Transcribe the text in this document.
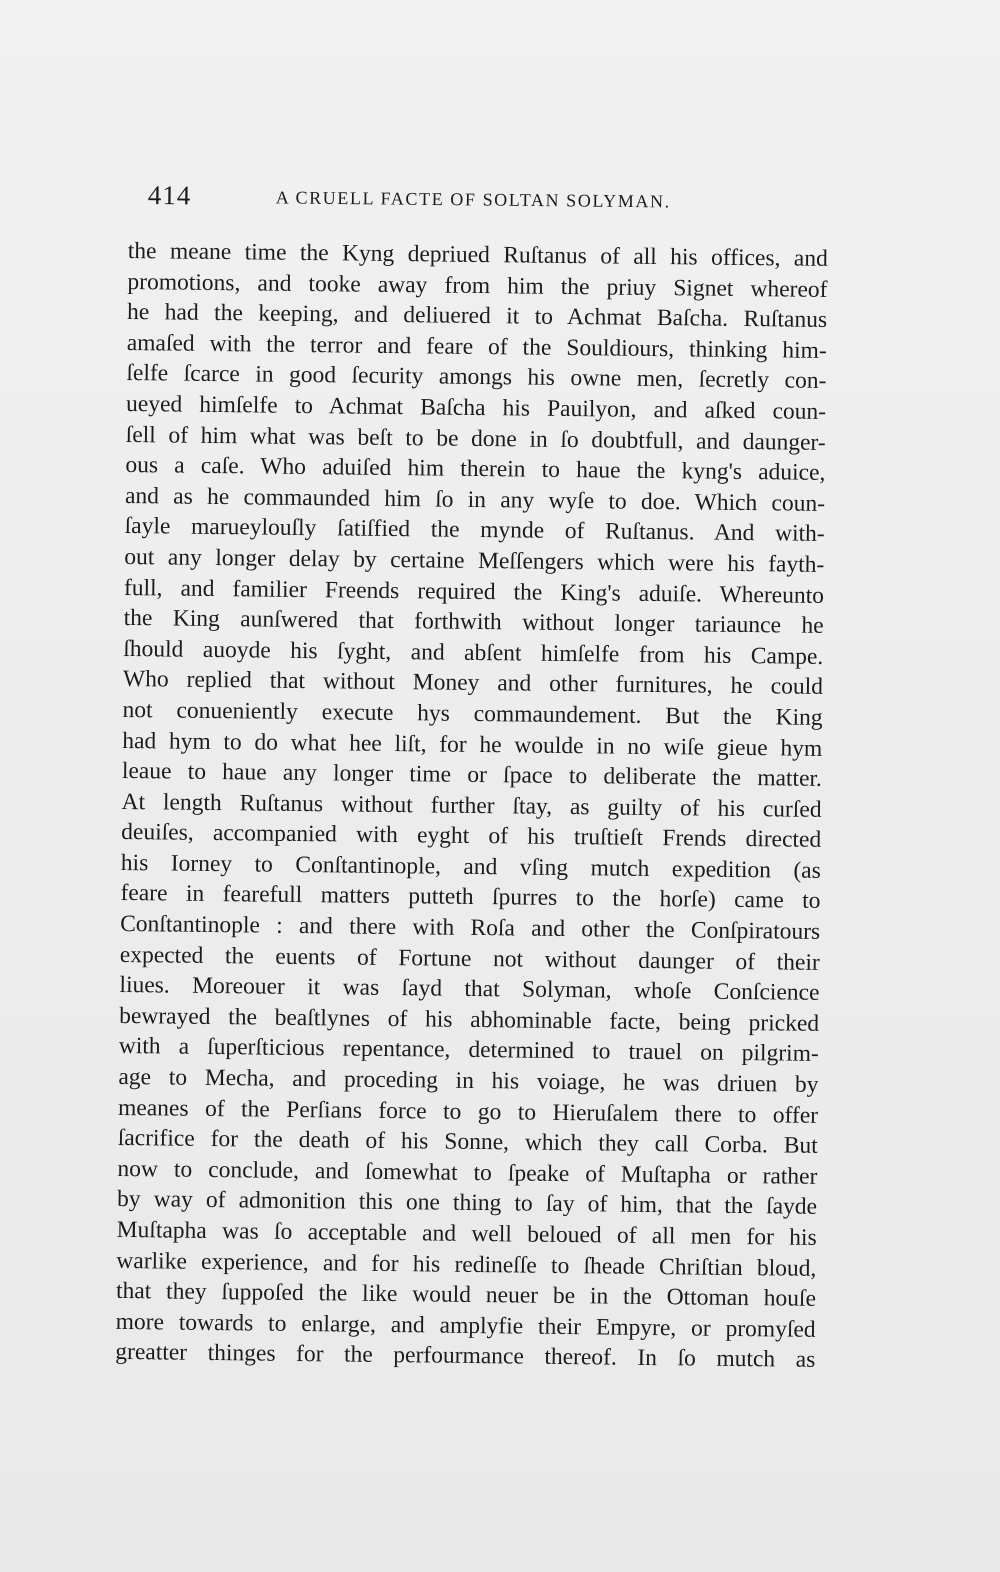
414	A CRUELL FACTE OF SOLTAN SOLYMAN.
the meane time the Kyng depriued Ruſtanus of all his offices, and
promotions, and tooke away from him the priuy Signet whereof
he had the keeping, and deliuered it to Achmat Baſcha. Ruſtanus
amaſed with the terror and feare of the Souldiours, thinking him-
ſelfe ſcarce in good ſecurity amongs his owne men, ſecretly con-
ueyed himſelfe to Achmat Baſcha his Pauilyon, and aſked coun-
ſell of him what was beſt to be done in ſo doubtfull, and daunger-
ous a caſe. Who aduiſed him therein to haue the kyng's aduice,
and as he commaunded him ſo in any wyſe to doe. Which coun-
ſayle marueylouſly ſatiſfied the mynde of Ruſtanus. And with-
out any longer delay by certaine Meſſengers which were his fayth-
full, and familier Freends required the King's aduiſe. Whereunto
the King aunſwered that forthwith without longer tariaunce he
ſhould auoyde his ſyght, and abſent himſelfe from his Campe.
Who replied that without Money and other furnitures, he could
not conueniently execute hys commaundement. But the King
had hym to do what hee liſt, for he woulde in no wiſe gieue hym
leaue to haue any longer time or ſpace to deliberate the matter.
At length Ruſtanus without further ſtay, as guilty of his curſed
deuiſes, accompanied with eyght of his truſtieſt Frends directed
his Iorney to Conſtantinople, and vſing mutch expedition (as
feare in fearefull matters putteth ſpurres to the horſe) came to
Conſtantinople : and there with Roſa and other the Conſpiratours
expected the euents of Fortune not without daunger of their
liues. Moreouer it was ſayd that Solyman, whoſe Conſcience
bewrayed the beaſtlynes of his abhominable facte, being pricked
with a ſuperſticious repentance, determined to trauel on pilgrim-
age to Mecha, and proceding in his voiage, he was driuen by
meanes of the Perſians force to go to Hieruſalem there to offer
ſacrifice for the death of his Sonne, which they call Corba. But
now to conclude, and ſomewhat to ſpeake of Muſtapha or rather
by way of admonition this one thing to ſay of him, that the ſayde
Muſtapha was ſo acceptable and well beloued of all men for his
warlike experience, and for his redineſſe to ſheade Chriſtian bloud,
that they ſuppoſed the like would neuer be in the Ottoman houſe
more towards to enlarge, and amplyfie their Empyre, or promyſed
greatter thinges for the perfourmance thereof. In ſo mutch as
